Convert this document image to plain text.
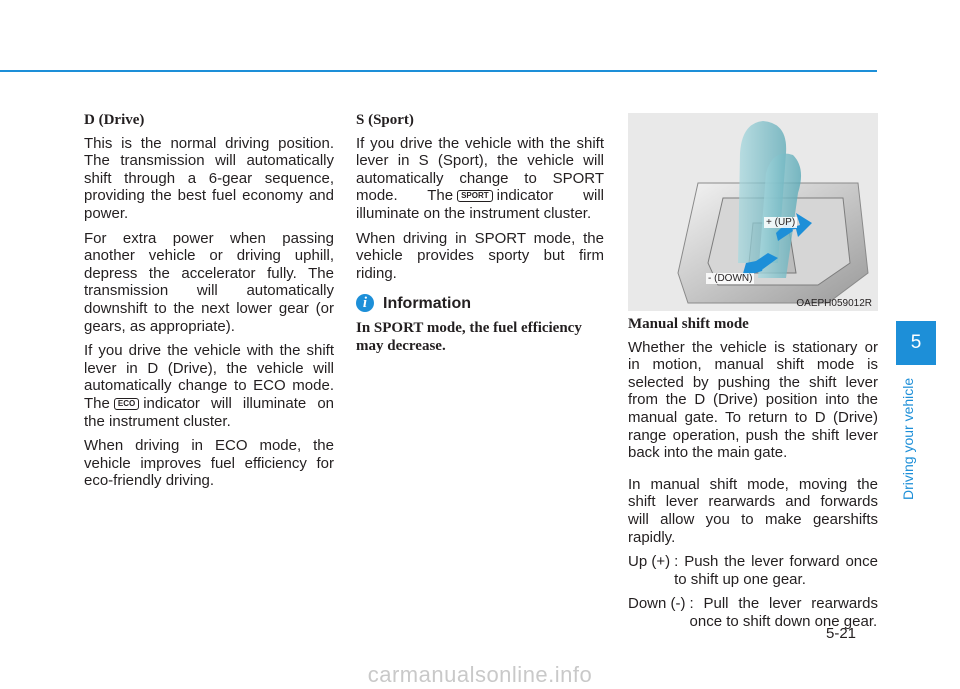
D (Drive)

This is the normal driving position. The transmission will automatically shift through a 6-gear sequence, providing the best fuel economy and power.

For extra power when passing another vehicle or driving uphill, depress the accelerator fully. The transmission will automatically downshift to the next lower gear (or gears, as appropriate).

If you drive the vehicle with the shift lever in D (Drive), the vehicle will automatically change to ECO mode. The ECO indicator will illuminate on the instrument cluster.

When driving in ECO mode, the vehicle improves fuel efficiency for eco-friendly driving.

S (Sport)

If you drive the vehicle with the shift lever in S (Sport), the vehicle will automatically change to SPORT mode. The SPORT indicator will illuminate on the instrument cluster.

When driving in SPORT mode, the vehicle provides sporty but firm riding.

i Information
In SPORT mode, the fuel efficiency may decrease.
+ (UP)
- (DOWN)
OAEPH059012R
Manual shift mode

Whether the vehicle is stationary or in motion, manual shift mode is selected by pushing the shift lever from the D (Drive) position into the manual gate. To return to D (Drive) range operation, push the shift lever back into the main gate.

In manual shift mode, moving the shift lever rearwards and forwards will allow you to make gearshifts rapidly.

Up (+) : Push the lever forward once to shift up one gear.
Down (-) : Pull the lever rearwards once to shift down one gear.
5
Driving your vehicle
5-21
carmanualsonline.info
